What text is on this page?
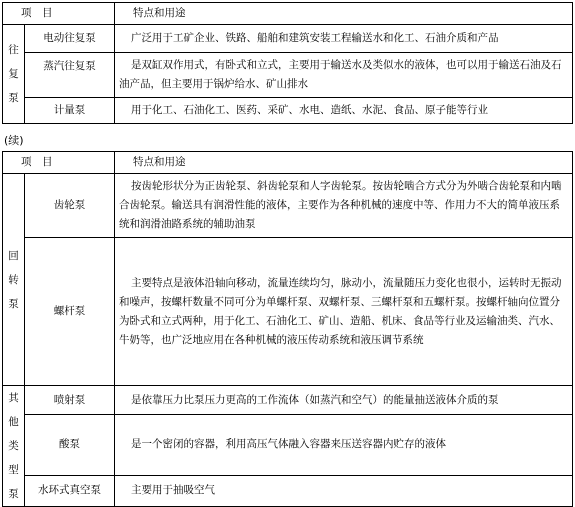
项　目		特点和用途

往
复
泵	电动往复泵	广泛用于工矿企业、铁路、船舶和建筑安装工程输送水和化工、石油介质和产品
	蒸汽往复泵	是双缸双作用式，有卧式和立式，主要用于输送水及类似水的液体，也可以用于输送石油及石油产品，但主要用于锅炉给水、矿山排水
	计量泵	用于化工、石油化工、医药、采矿、水电、造纸、水泥、食品、原子能等行业
(续)
项　目		特点和用途

回
转
泵	齿轮泵	按齿轮形状分为正齿轮泵、斜齿轮泵和人字齿轮泵。按齿轮啮合方式分为外啮合齿轮泵和内啮合齿轮泵。输送具有润滑性能的液体，主要作为各种机械的速度中等、作用力不大的简单液压系统和润滑油路系统的辅助油泵
	螺杆泵	主要特点是液体沿轴向移动，流量连续均匀，脉动小，流量随压力变化也很小，运转时无振动和噪声，按螺杆数量不同可分为单螺杆泵、双螺杆泵、三螺杆泵和五螺杆泵。按螺杆轴向位置分为卧式和立式两种，用于化工、石油化工、矿山、造船、机床、食品等行业及运输油类、汽水、牛奶等，也广泛地应用在各种机械的液压传动系统和液压调节系统

其
他
类
型
泵	喷射泵	是依靠压力比泵压力更高的工作流体（如蒸汽和空气）的能量抽送液体介质的泵
	酸泵	是一个密闭的容器，利用高压气体融入容器来压送容器内贮存的液体
	水环式真空泵	主要用于抽吸空气
